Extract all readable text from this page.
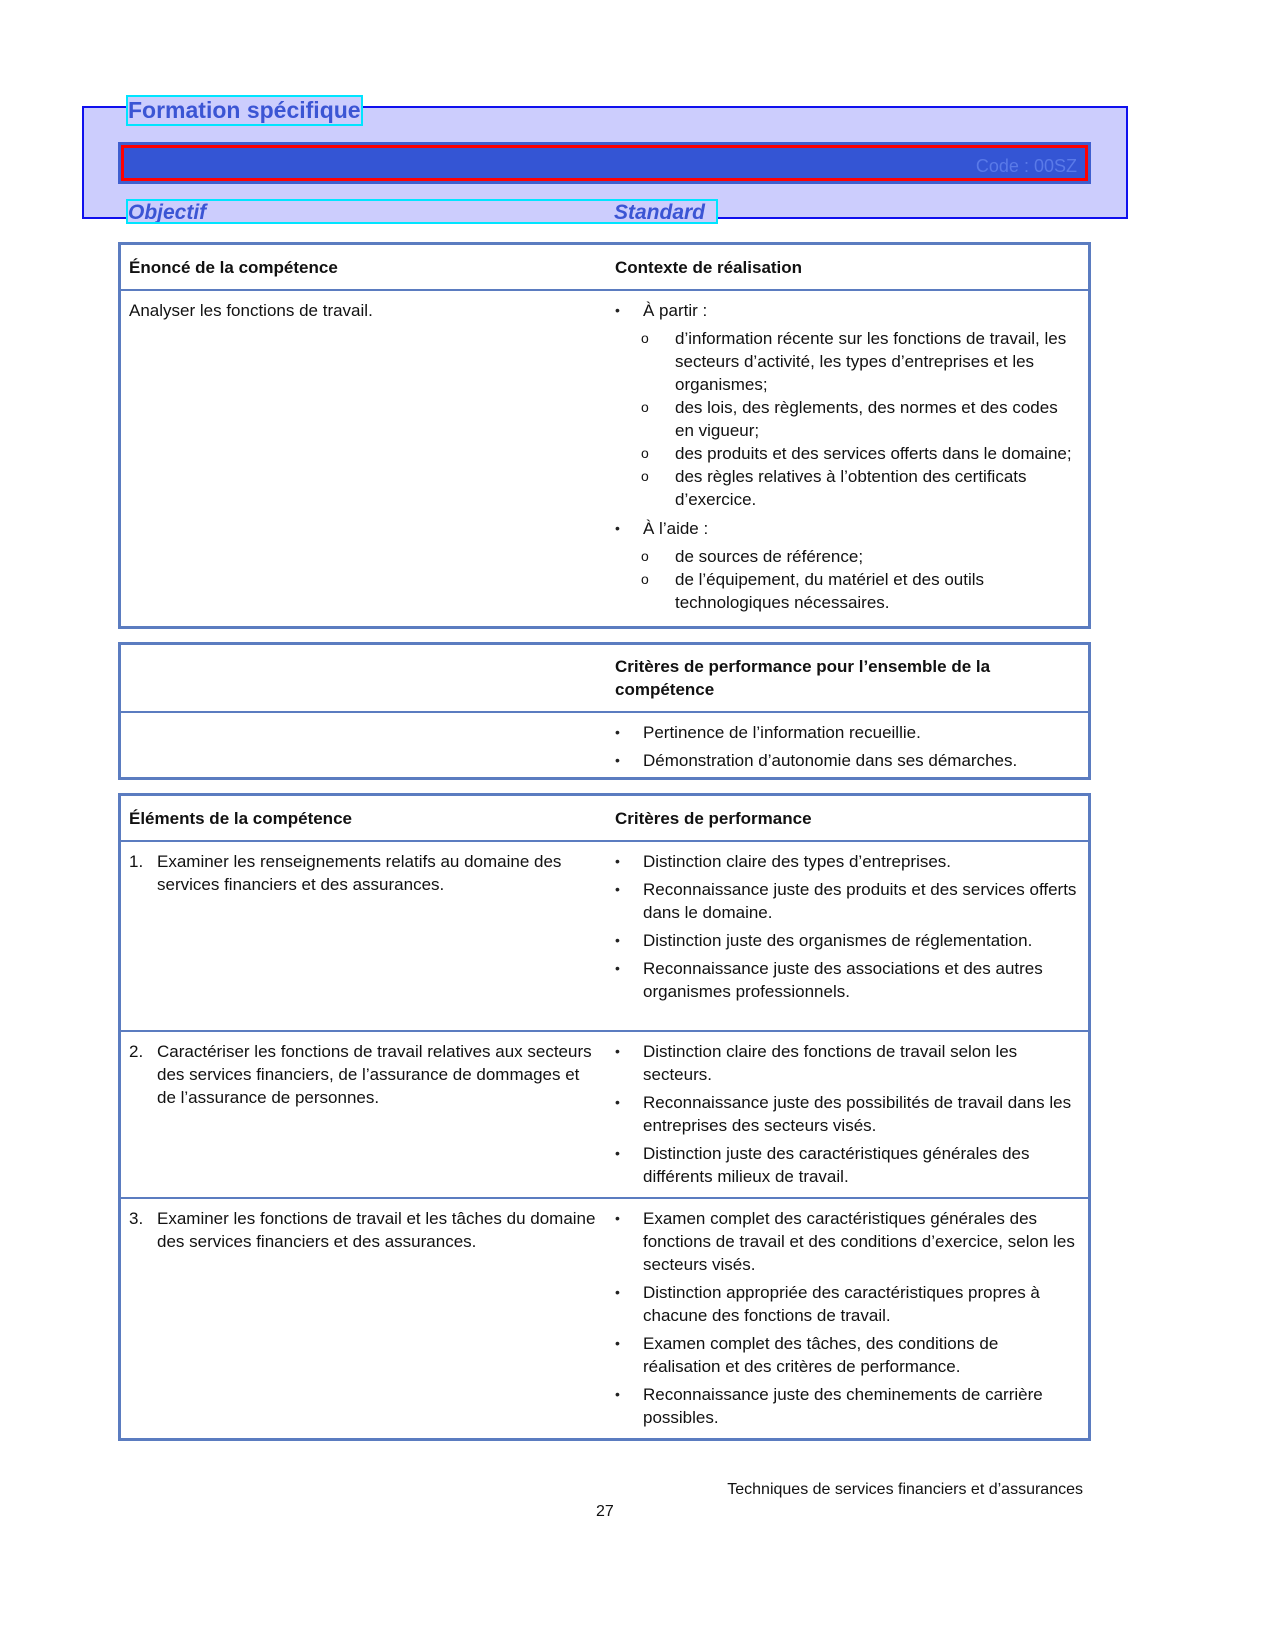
Formation spécifique
Code : 00SZ
Objectif	Standard
Énoncé de la compétence	Contexte de réalisation
Analyser les fonctions de travail.	• À partir :
o d’information récente sur les fonctions de travail, les secteurs d’activité, les types d’entreprises et les organismes;
o des lois, des règlements, des normes et des codes en vigueur;
o des produits et des services offerts dans le domaine;
o des règles relatives à l’obtention des certificats d’exercice.
• À l’aide :
o de sources de référence;
o de l’équipement, du matériel et des outils technologiques nécessaires.
Critères de performance pour l’ensemble de la compétence
• Pertinence de l’information recueillie.
• Démonstration d’autonomie dans ses démarches.
Éléments de la compétence	Critères de performance
1. Examiner les renseignements relatifs au domaine des services financiers et des assurances.
• Distinction claire des types d’entreprises.
• Reconnaissance juste des produits et des services offerts dans le domaine.
• Distinction juste des organismes de réglementation.
• Reconnaissance juste des associations et des autres organismes professionnels.
2. Caractériser les fonctions de travail relatives aux secteurs des services financiers, de l’assurance de dommages et de l’assurance de personnes.
• Distinction claire des fonctions de travail selon les secteurs.
• Reconnaissance juste des possibilités de travail dans les entreprises des secteurs visés.
• Distinction juste des caractéristiques générales des différents milieux de travail.
3. Examiner les fonctions de travail et les tâches du domaine des services financiers et des assurances.
• Examen complet des caractéristiques générales des fonctions de travail et des conditions d’exercice, selon les secteurs visés.
• Distinction appropriée des caractéristiques propres à chacune des fonctions de travail.
• Examen complet des tâches, des conditions de réalisation et des critères de performance.
• Reconnaissance juste des cheminements de carrière possibles.
Techniques de services financiers et d’assurances
27
